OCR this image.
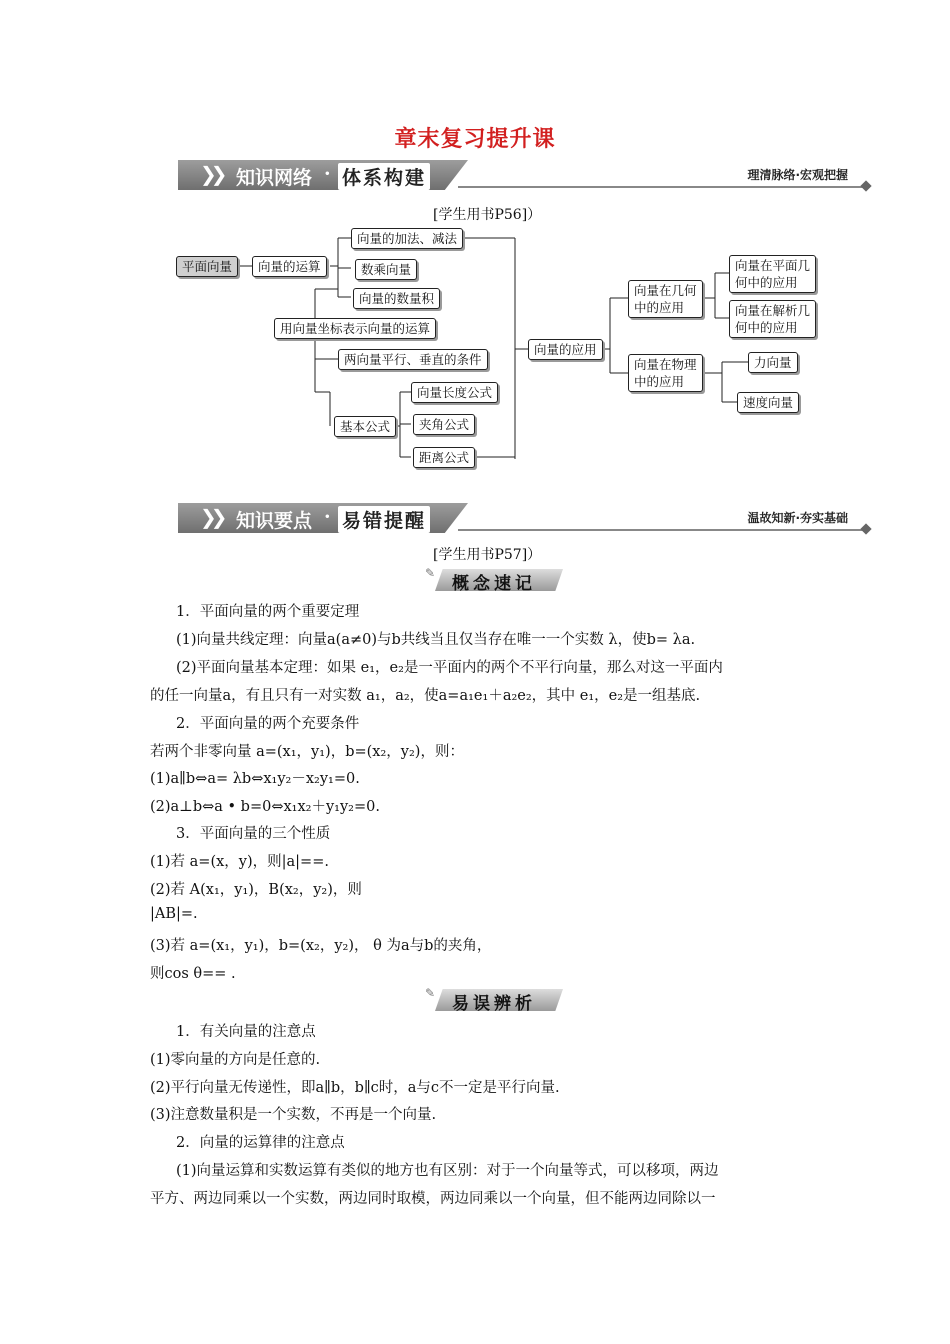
章末复习提升课
❯❯ 知识网络 · 体系构建	理清脉络·宏观把握
[学生用书P56]）
平面向量	向量的运算
向量的加法、减法
数乘向量
向量的数量积
用向量坐标表示向量的运算
两向量平行、垂直的条件
基本公式
向量长度公式
夹角公式
距离公式
向量的应用
向量在几何
中的应用
向量在平面几
何中的应用
向量在解析几
何中的应用
向量在物理
中的应用
力向量
速度向量
❯❯ 知识要点 · 易错提醒	温故知新·夯实基础
[学生用书P57]）
✎
概念速记
1．平面向量的两个重要定理
(1)向量共线定理：向量a(a≠0)与b共线当且仅当存在唯一一个实数 λ，使b= λa.
(2)平面向量基本定理：如果 e₁，e₂是一平面内的两个不平行向量，那么对这一平面内
的任一向量a，有且只有一对实数 a₁，a₂，使a=a₁e₁＋a₂e₂，其中 e₁，e₂是一组基底.
2．平面向量的两个充要条件
若两个非零向量 a=(x₁，y₁)，b=(x₂，y₂)，则：
(1)a∥b⇔a= λb⇔x₁y₂－x₂y₁=0.
(2)a⊥b⇔a • b=0⇔x₁x₂＋y₁y₂=0.
3．平面向量的三个性质
(1)若 a=(x，y)，则|a|==.
(2)若 A(x₁，y₁)，B(x₂，y₂)，则
|AB|=.
(3)若 a=(x₁，y₁)，b=(x₂，y₂)， θ 为a与b的夹角，
则cos θ== .
✎
易误辨析
1．有关向量的注意点
(1)零向量的方向是任意的.
(2)平行向量无传递性，即a∥b，b∥c时，a与c不一定是平行向量.
(3)注意数量积是一个实数，不再是一个向量.
2．向量的运算律的注意点
(1)向量运算和实数运算有类似的地方也有区别：对于一个向量等式，可以移项，两边
平方、两边同乘以一个实数，两边同时取模，两边同乘以一个向量，但不能两边同除以一
